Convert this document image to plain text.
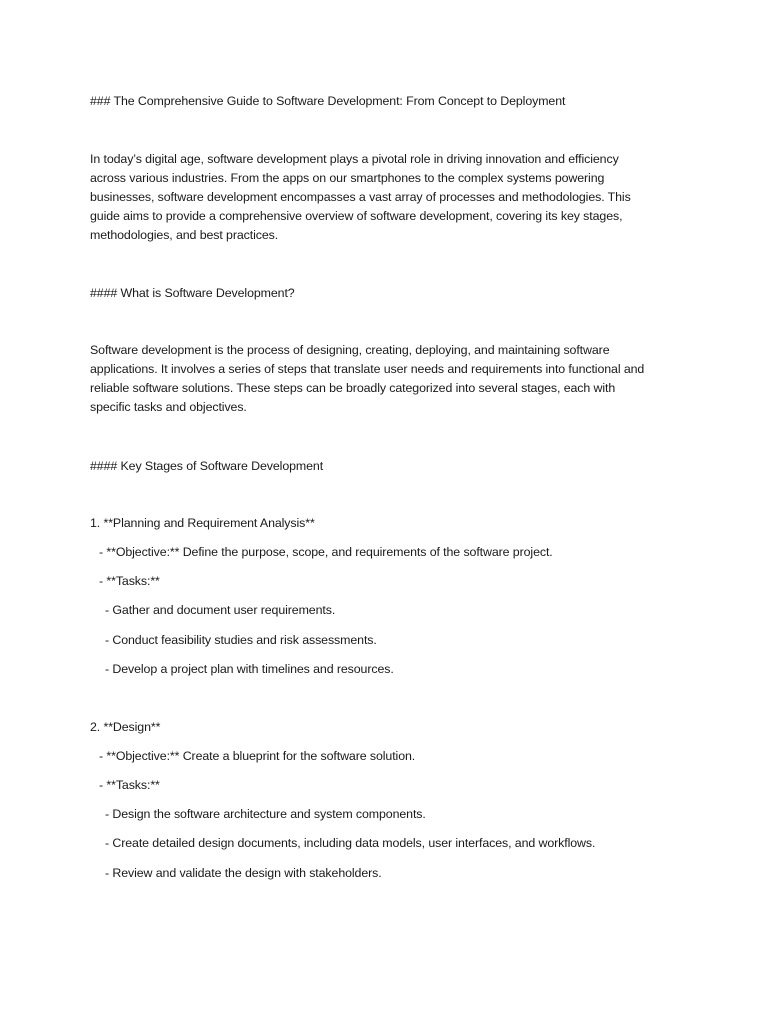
### The Comprehensive Guide to Software Development: From Concept to Deployment
In today’s digital age, software development plays a pivotal role in driving innovation and efficiency
across various industries. From the apps on our smartphones to the complex systems powering
businesses, software development encompasses a vast array of processes and methodologies. This
guide aims to provide a comprehensive overview of software development, covering its key stages,
methodologies, and best practices.
#### What is Software Development?
Software development is the process of designing, creating, deploying, and maintaining software
applications. It involves a series of steps that translate user needs and requirements into functional and
reliable software solutions. These steps can be broadly categorized into several stages, each with
specific tasks and objectives.
#### Key Stages of Software Development
1. **Planning and Requirement Analysis**
- **Objective:** Define the purpose, scope, and requirements of the software project.
- **Tasks:**
- Gather and document user requirements.
- Conduct feasibility studies and risk assessments.
- Develop a project plan with timelines and resources.
2. **Design**
- **Objective:** Create a blueprint for the software solution.
- **Tasks:**
- Design the software architecture and system components.
- Create detailed design documents, including data models, user interfaces, and workflows.
- Review and validate the design with stakeholders.
